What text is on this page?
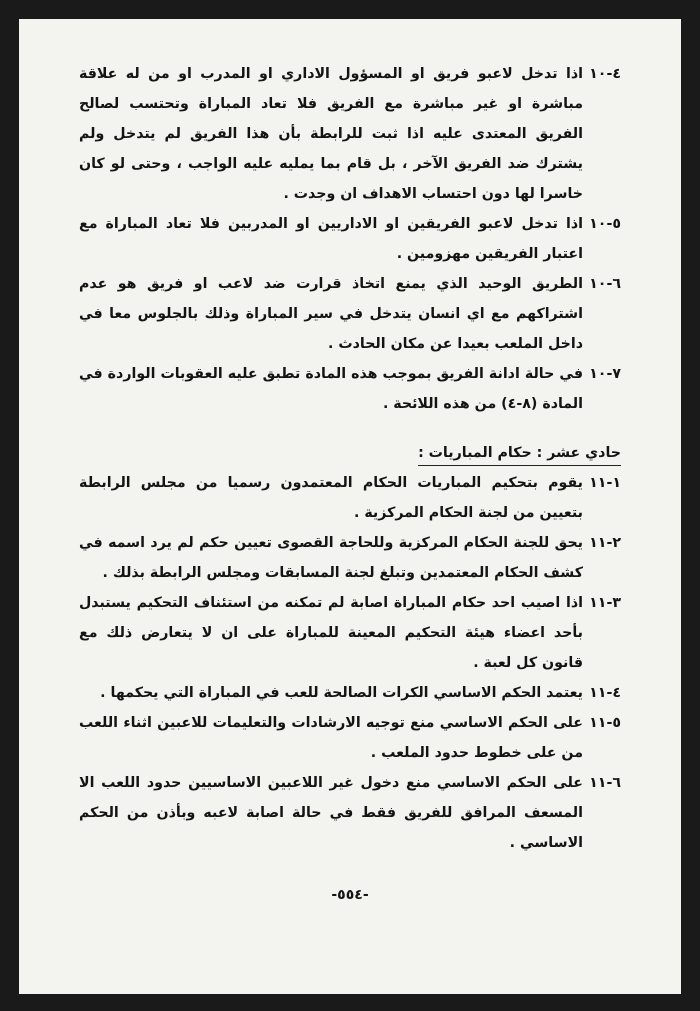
٤-١٠
اذا تدخل لاعبو فريق او المسؤول الاداري او المدرب او من له علاقة مباشرة او غير مباشرة مع الفريق فلا تعاد المباراة وتحتسب لصالح الفريق المعتدى عليه اذا ثبت للرابطة بأن هذا الفريق لم يتدخل ولم يشترك ضد الفريق الآخر ، بل قام بما يمليه عليه الواجب ، وحتى لو كان خاسرا لها دون احتساب الاهداف ان وجدت .
٥-١٠
اذا تدخل لاعبو الفريقين او الاداريين او المدربين فلا تعاد المباراة مع اعتبار الفريقين مهزومين .
٦-١٠
الطريق الوحيد الذي يمنع اتخاذ قرارت ضد لاعب او فريق هو عدم اشتراكهم مع اي انسان يتدخل في سير المباراة وذلك بالجلوس معا في داخل الملعب بعيدا عن مكان الحادث .
٧-١٠
في حالة ادانة الفريق بموجب هذه المادة تطبق عليه العقوبات الواردة في المادة (٨-٤) من هذه اللائحة .
حادي عشر : حكام المباريات :
١-١١
يقوم بتحكيم المباريات الحكام المعتمدون رسميا من مجلس الرابطة بتعيين من لجنة الحكام المركزية .
٢-١١
يحق للجنة الحكام المركزية وللحاجة القصوى تعيين حكم لم يرد اسمه في كشف الحكام المعتمدين وتبلغ لجنة المسابقات ومجلس الرابطة بذلك .
٣-١١
اذا اصيب احد حكام المباراة اصابة لم تمكنه من استئناف التحكيم يستبدل بأحد اعضاء هيئة التحكيم المعينة للمباراة على ان لا يتعارض ذلك مع قانون كل لعبة .
٤-١١
يعتمد الحكم الاساسي الكرات الصالحة للعب في المباراة التي يحكمها .
٥-١١
على الحكم الاساسي منع توجيه الارشادات والتعليمات للاعبين اثناء اللعب من على خطوط حدود الملعب .
٦-١١
على الحكم الاساسي منع دخول غير اللاعبين الاساسيين حدود اللعب الا المسعف المرافق للفريق فقط في حالة اصابة لاعبه وبأذن من الحكم الاساسي .
-٥٥٤-
